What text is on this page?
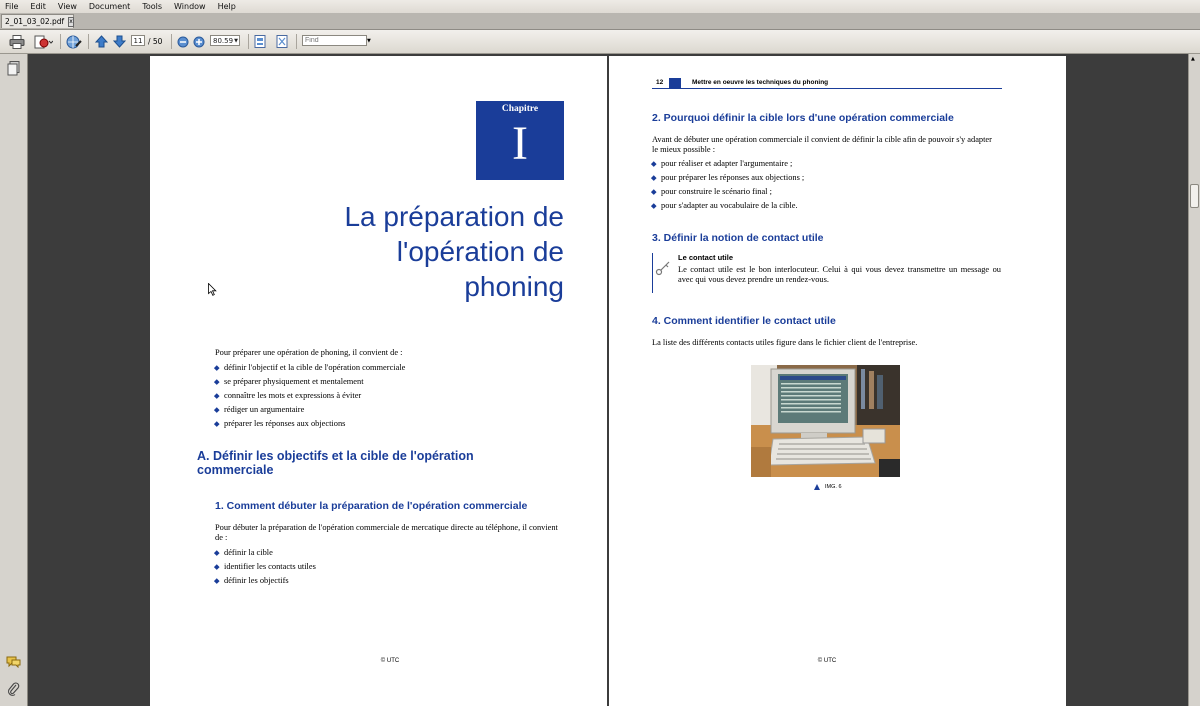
File	Edit	View	Document	Tools	Window	Help
2_01_03_02.pdf x
11 / 50	80.59 ▼
Find	▼
▲
Chapitre
I
La préparation de
l'opération de
phoning
Pour préparer une opération de phoning, il convient de :
définir l'objectif et la cible de l'opération commerciale
se préparer physiquement et mentalement
connaître les mots et expressions à éviter
rédiger un argumentaire
préparer les réponses aux objections
A. Définir les objectifs et la cible de l'opération
commerciale
1. Comment débuter la préparation de l'opération commerciale
Pour débuter la préparation de l'opération commerciale de mercatique directe au téléphone, il convient
de :
définir la cible
identifier les contacts utiles
définir les objectifs
© UTC
12	Mettre en oeuvre les techniques du phoning
2. Pourquoi définir la cible lors d'une opération commerciale
Avant de débuter une opération commerciale il convient de définir la cible afin de pouvoir s'y adapter
le mieux possible :
pour réaliser et adapter l'argumentaire ;
pour préparer les réponses aux objections ;
pour construire le scénario final ;
pour s'adapter au vocabulaire de la cible.
3. Définir la notion de contact utile
Le contact utile
Le contact utile est le bon interlocuteur. Celui à qui vous devez transmettre un message ou
avec qui vous devez prendre un rendez-vous.
4. Comment identifier le contact utile
La liste des différents contacts utiles figure dans le fichier client de l'entreprise.
IMG. 6
© UTC
